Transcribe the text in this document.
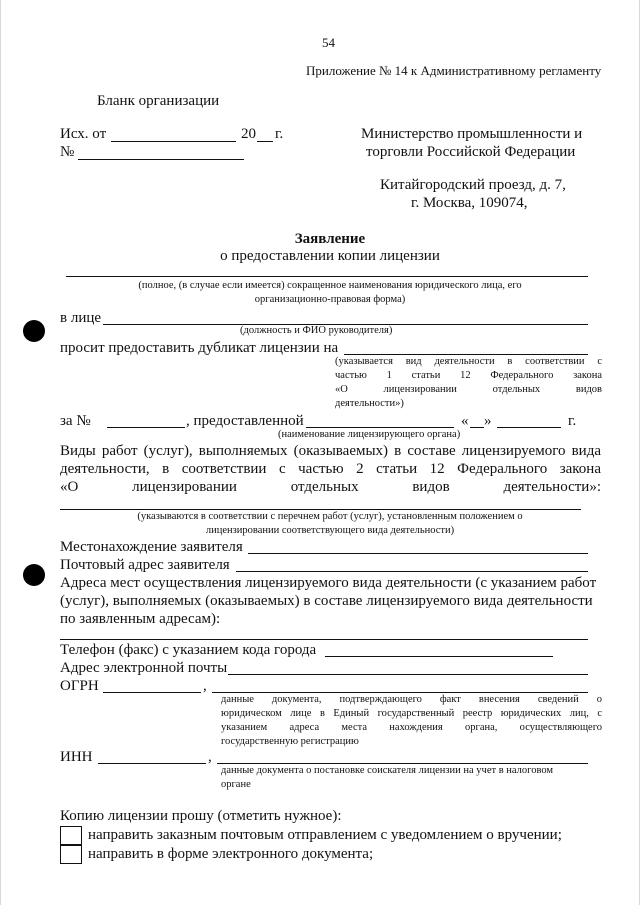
54
Приложение № 14 к Административному регламенту
Бланк организации
Исх. от	20 г.
№
Министерство промышленности и
торговли Российской Федерации
Китайгородский проезд, д. 7,
г. Москва, 109074,
Заявление
о предоставлении копии лицензии
(полное, (в случае если имеется) сокращенное наименования юридического лица, его
организационно-правовая форма)
в лице
(должность и ФИО руководителя)
просит предоставить дубликат лицензии на
(указывается вид деятельности в соответствии с
частью 1 статьи 12 Федерального закона
«О лицензировании отдельных видов
деятельности»)
за №	, предоставленной	« »	г.
(наименование лицензирующего органа)
Виды работ (услуг), выполняемых (оказываемых) в составе лицензируемого вида
деятельности, в соответствии с частью 2 статьи 12 Федерального закона
«О лицензировании отдельных видов деятельности»:
(указываются в соответствии с перечнем работ (услуг), установленным положением о
лицензировании соответствующего вида деятельности)
Местонахождение заявителя
Почтовый адрес заявителя
Адреса мест осуществления лицензируемого вида деятельности (с указанием работ
(услуг), выполняемых (оказываемых) в составе лицензируемого вида деятельности
по заявленным адресам):
Телефон (факс) с указанием кода города
Адрес электронной почты
ОГРН	,
данные документа, подтверждающего факт внесения сведений о
юридическом лице в Единый государственный реестр юридических лиц, с
указанием адреса места нахождения органа, осуществляющего
государственную регистрацию
ИНН	,
данные документа о постановке соискателя лицензии на учет в налоговом
органе
Копию лицензии прошу (отметить нужное):
направить заказным почтовым отправлением с уведомлением о вручении;
направить в форме электронного документа;
